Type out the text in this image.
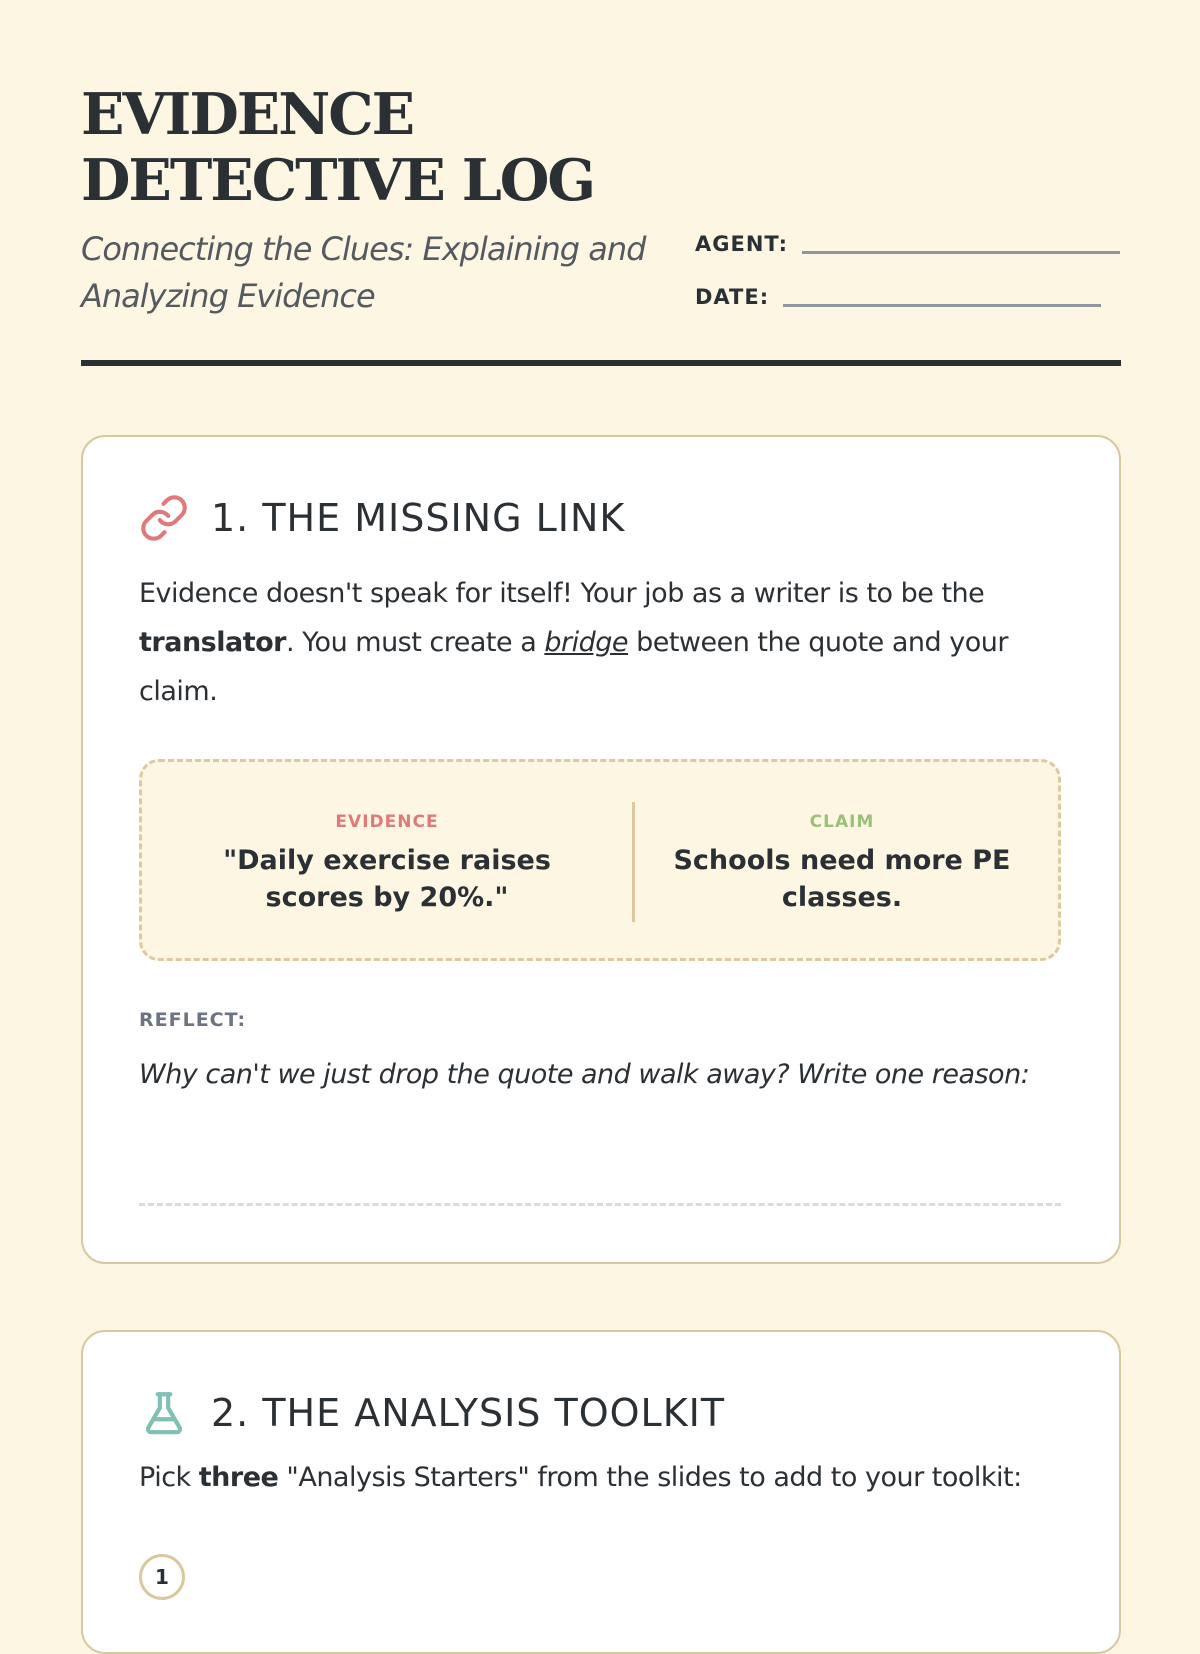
EVIDENCE
DETECTIVE LOG
Connecting the Clues: Explaining and Analyzing Evidence
AGENT:
DATE:
1. THE MISSING LINK
Evidence doesn't speak for itself! Your job as a writer is to be the translator. You must create a bridge between the quote and your claim.
EVIDENCE
"Daily exercise raises scores by 20%."
CLAIM
Schools need more PE classes.
REFLECT:
Why can't we just drop the quote and walk away? Write one reason:
2. THE ANALYSIS TOOLKIT
Pick three "Analysis Starters" from the slides to add to your toolkit:
1
